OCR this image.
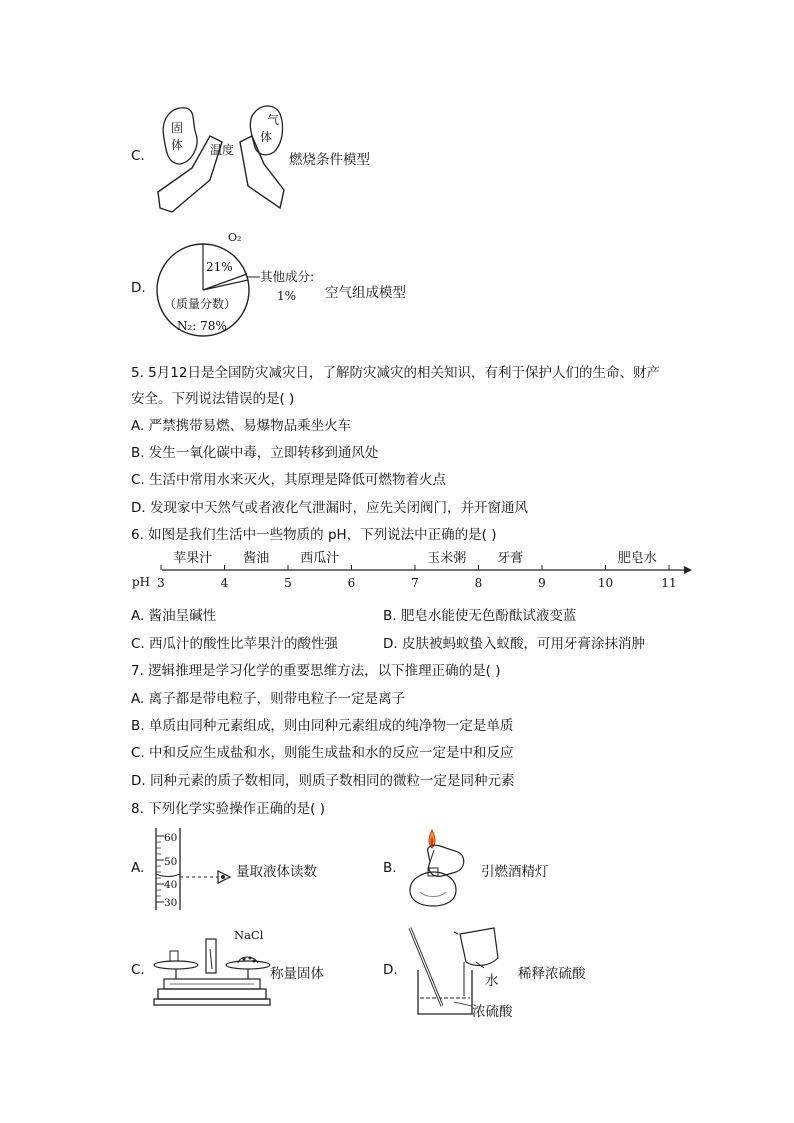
C.
固
体
气
体
温度
燃烧条件模型
D.
O₂
21%
其他成分:
1%
（质量分数）
N₂: 78%
空气组成模型
5. 5月12日是全国防灾减灾日，了解防灾减灾的相关知识，有利于保护人们的生命、财产
安全。下列说法错误的是( )
A. 严禁携带易燃、易爆物品乘坐火车
B. 发生一氧化碳中毒，立即转移到通风处
C. 生活中常用水来灭火，其原理是降低可燃物着火点
D. 发现家中天然气或者液化气泄漏时，应先关闭阀门，并开窗通风
6. 如图是我们生活中一些物质的 pH，下列说法中正确的是( )
pH 3	4	5	6	7	8	9	10	11
苹果汁 酱油 西瓜汁	玉米粥 牙膏	肥皂水
A. 酱油呈碱性	B. 肥皂水能使无色酚酞试液变蓝
C. 西瓜汁的酸性比苹果汁的酸性强	D. 皮肤被蚂蚁蛰入蚁酸，可用牙膏涂抹消肿
7. 逻辑推理是学习化学的重要思维方法，以下推理正确的是( )
A. 离子都是带电粒子，则带电粒子一定是离子
B. 单质由同种元素组成，则由同种元素组成的纯净物一定是单质
C. 中和反应生成盐和水，则能生成盐和水的反应一定是中和反应
D. 同种元素的质子数相同，则质子数相同的微粒一定是同种元素
8. 下列化学实验操作正确的是( )
A.
60
50
40
30
量取液体读数	B.	引燃酒精灯
C.
NaCl
称量固体	D.
水
浓硫酸
稀释浓硫酸
